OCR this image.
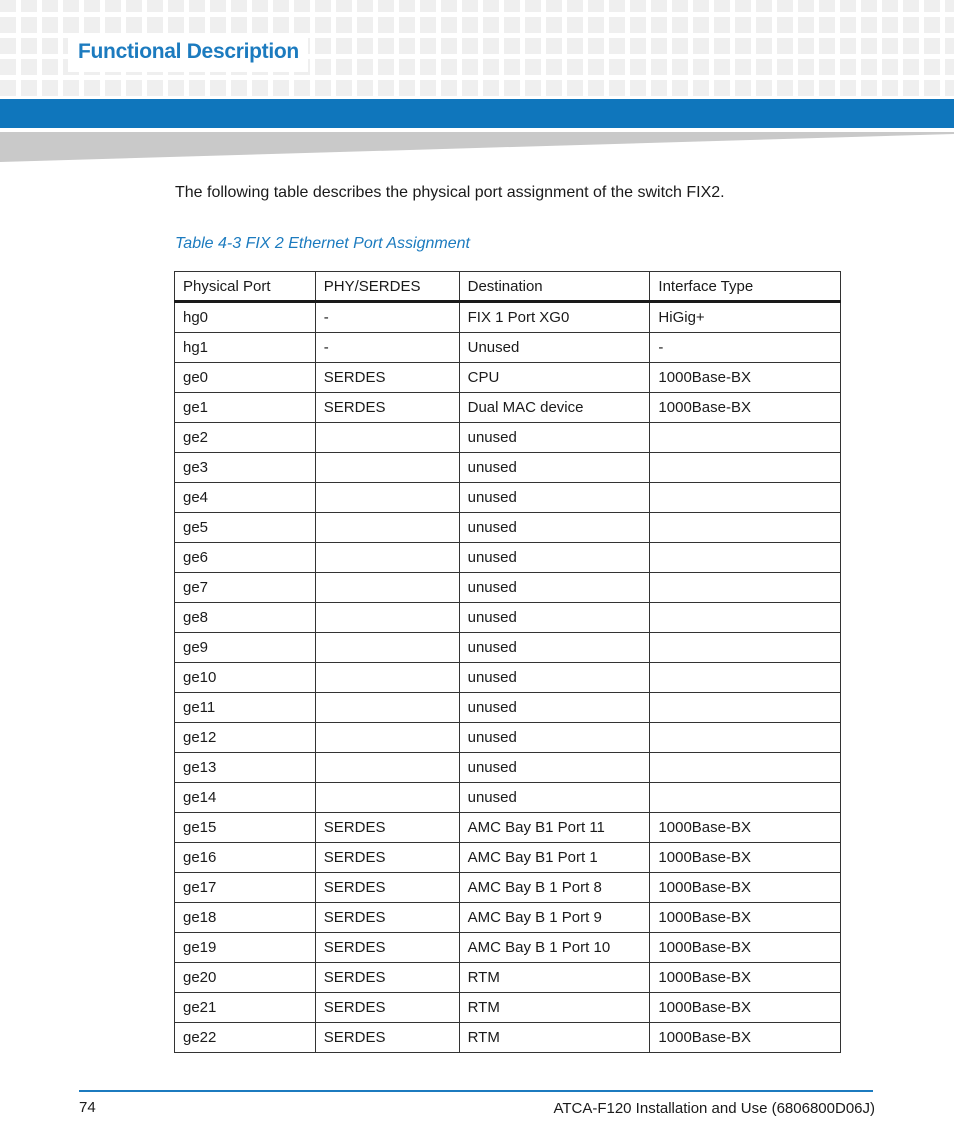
Functional Description
The following table describes the physical port assignment of the switch FIX2.
Table 4-3 FIX 2 Ethernet Port Assignment
Physical Port	PHY/SERDES	Destination	Interface Type
hg0	-	FIX 1 Port XG0	HiGig+
hg1	-	Unused	-
ge0	SERDES	CPU	1000Base-BX
ge1	SERDES	Dual MAC device	1000Base-BX
ge2		unused	
ge3		unused	
ge4		unused	
ge5		unused	
ge6		unused	
ge7		unused	
ge8		unused	
ge9		unused	
ge10		unused	
ge11		unused	
ge12		unused	
ge13		unused	
ge14		unused	
ge15	SERDES	AMC Bay B1 Port 11	1000Base-BX
ge16	SERDES	AMC Bay B1 Port 1	1000Base-BX
ge17	SERDES	AMC Bay B 1 Port 8	1000Base-BX
ge18	SERDES	AMC Bay B 1 Port 9	1000Base-BX
ge19	SERDES	AMC Bay B 1 Port 10	1000Base-BX
ge20	SERDES	RTM	1000Base-BX
ge21	SERDES	RTM	1000Base-BX
ge22	SERDES	RTM	1000Base-BX
74	ATCA-F120 Installation and Use (6806800D06J)
